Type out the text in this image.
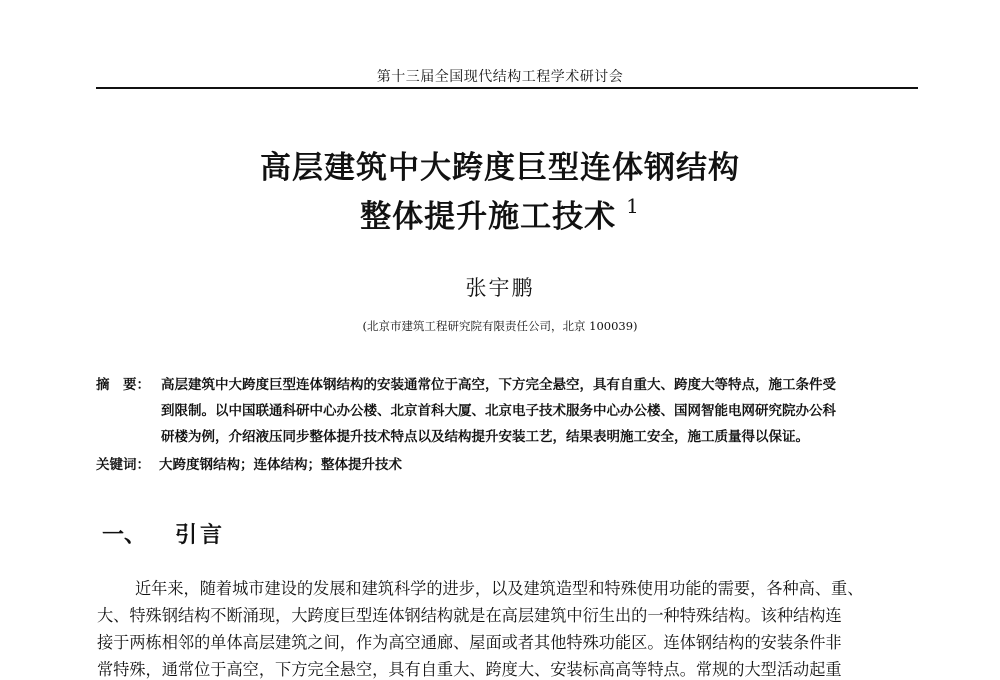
第十三届全国现代结构工程学术研讨会
高层建筑中大跨度巨型连体钢结构
整体提升施工技术 $^1$
张宇鹏
(北京市建筑工程研究院有限责任公司，北京 100039)
摘　要： 高层建筑中大跨度巨型连体钢结构的安装通常位于高空，下方完全悬空，具有自重大、跨度大等特点，施工条件受
到限制。以中国联通科研中心办公楼、北京首科大厦、北京电子技术服务中心办公楼、国网智能电网研究院办公科
研楼为例，介绍液压同步整体提升技术特点以及结构提升安装工艺，结果表明施工安全，施工质量得以保证。
关键词： 大跨度钢结构；连体结构；整体提升技术
一、 引言
近年来，随着城市建设的发展和建筑科学的进步，以及建筑造型和特殊使用功能的需要，各种高、重、
大、特殊钢结构不断涌现，大跨度巨型连体钢结构就是在高层建筑中衍生出的一种特殊结构。该种结构连
接于两栋相邻的单体高层建筑之间，作为高空通廊、屋面或者其他特殊功能区。连体钢结构的安装条件非
常特殊，通常位于高空，下方完全悬空，具有自重大、跨度大、安装标高高等特点。常规的大型活动起重
